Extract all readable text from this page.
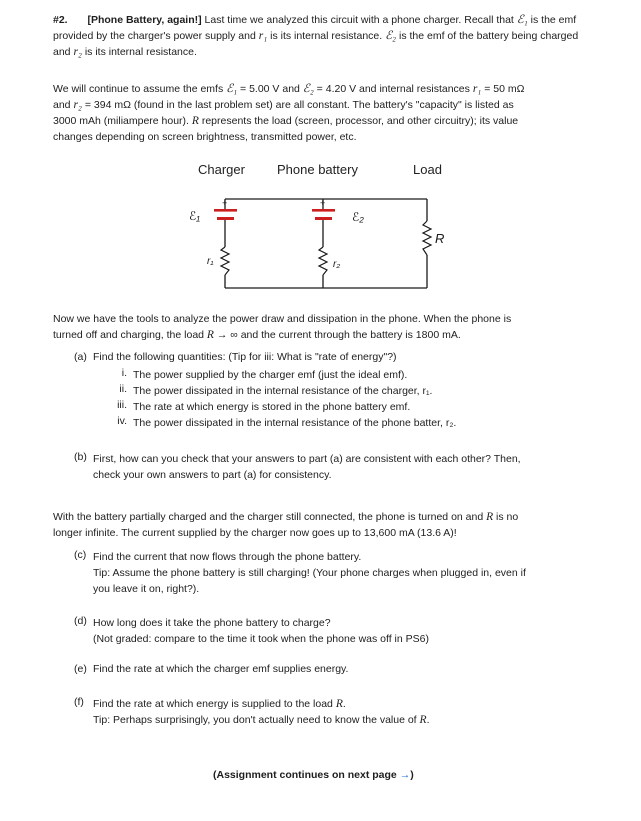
#2. [Phone Battery, again!] Last time we analyzed this circuit with a phone charger. Recall that ℰ₁ is the emf provided by the charger's power supply and r₁ is its internal resistance. ℰ₂ is the emf of the battery being charged and r₂ is its internal resistance.
We will continue to assume the emfs ℰ₁ = 5.00 V and ℰ₂ = 4.20 V and internal resistances r₁ = 50 mΩ
and r₂ = 394 mΩ (found in the last problem set) are all constant. The battery's "capacity" is listed as
3000 mAh (miliampere hour). R represents the load (screen, processor, and other circuitry); its value
changes depending on screen brightness, transmitted power, etc.
Charger Phone battery	Load
+	+
ℰ₁	ℰ₂
r₁	r₂
R
Now we have the tools to analyze the power draw and dissipation in the phone. When the phone is
turned off and charging, the load R → ∞ and the current through the battery is 1800 mA.
(a) Find the following quantities: (Tip for iii: What is "rate of energy"?)
i. The power supplied by the charger emf (just the ideal emf).
ii. The power dissipated in the internal resistance of the charger, r₁.
iii. The rate at which energy is stored in the phone battery emf.
iv. The power dissipated in the internal resistance of the phone batter, r₂.
(b) First, how can you check that your answers to part (a) are consistent with each other? Then,
check your own answers to part (a) for consistency.
With the battery partially charged and the charger still connected, the phone is turned on and R is no
longer infinite. The current supplied by the charger now goes up to 13,600 mA (13.6 A)!
(c) Find the current that now flows through the phone battery.
Tip: Assume the phone battery is still charging! (Your phone charges when plugged in, even if
you leave it on, right?).
(d) How long does it take the phone battery to charge?
(Not graded: compare to the time it took when the phone was off in PS6)
(e) Find the rate at which the charger emf supplies energy.
(f) Find the rate at which energy is supplied to the load R.
Tip: Perhaps surprisingly, you don't actually need to know the value of R.
(Assignment continues on next page →)
